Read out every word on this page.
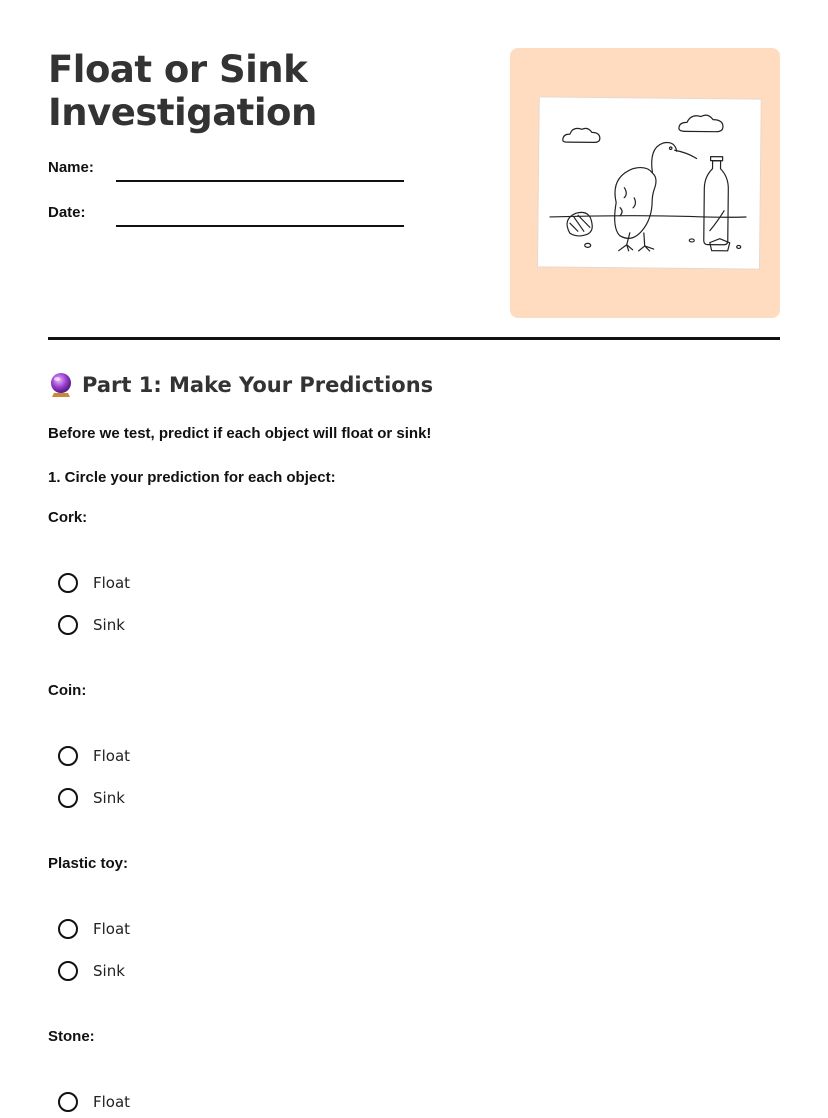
Float or Sink
Investigation
Name:
Date:
Part 1: Make Your Predictions
Before we test, predict if each object will float or sink!
1. Circle your prediction for each object:
Cork:
Float
Sink
Coin:
Float
Sink
Plastic toy:
Float
Sink
Stone:
Float
